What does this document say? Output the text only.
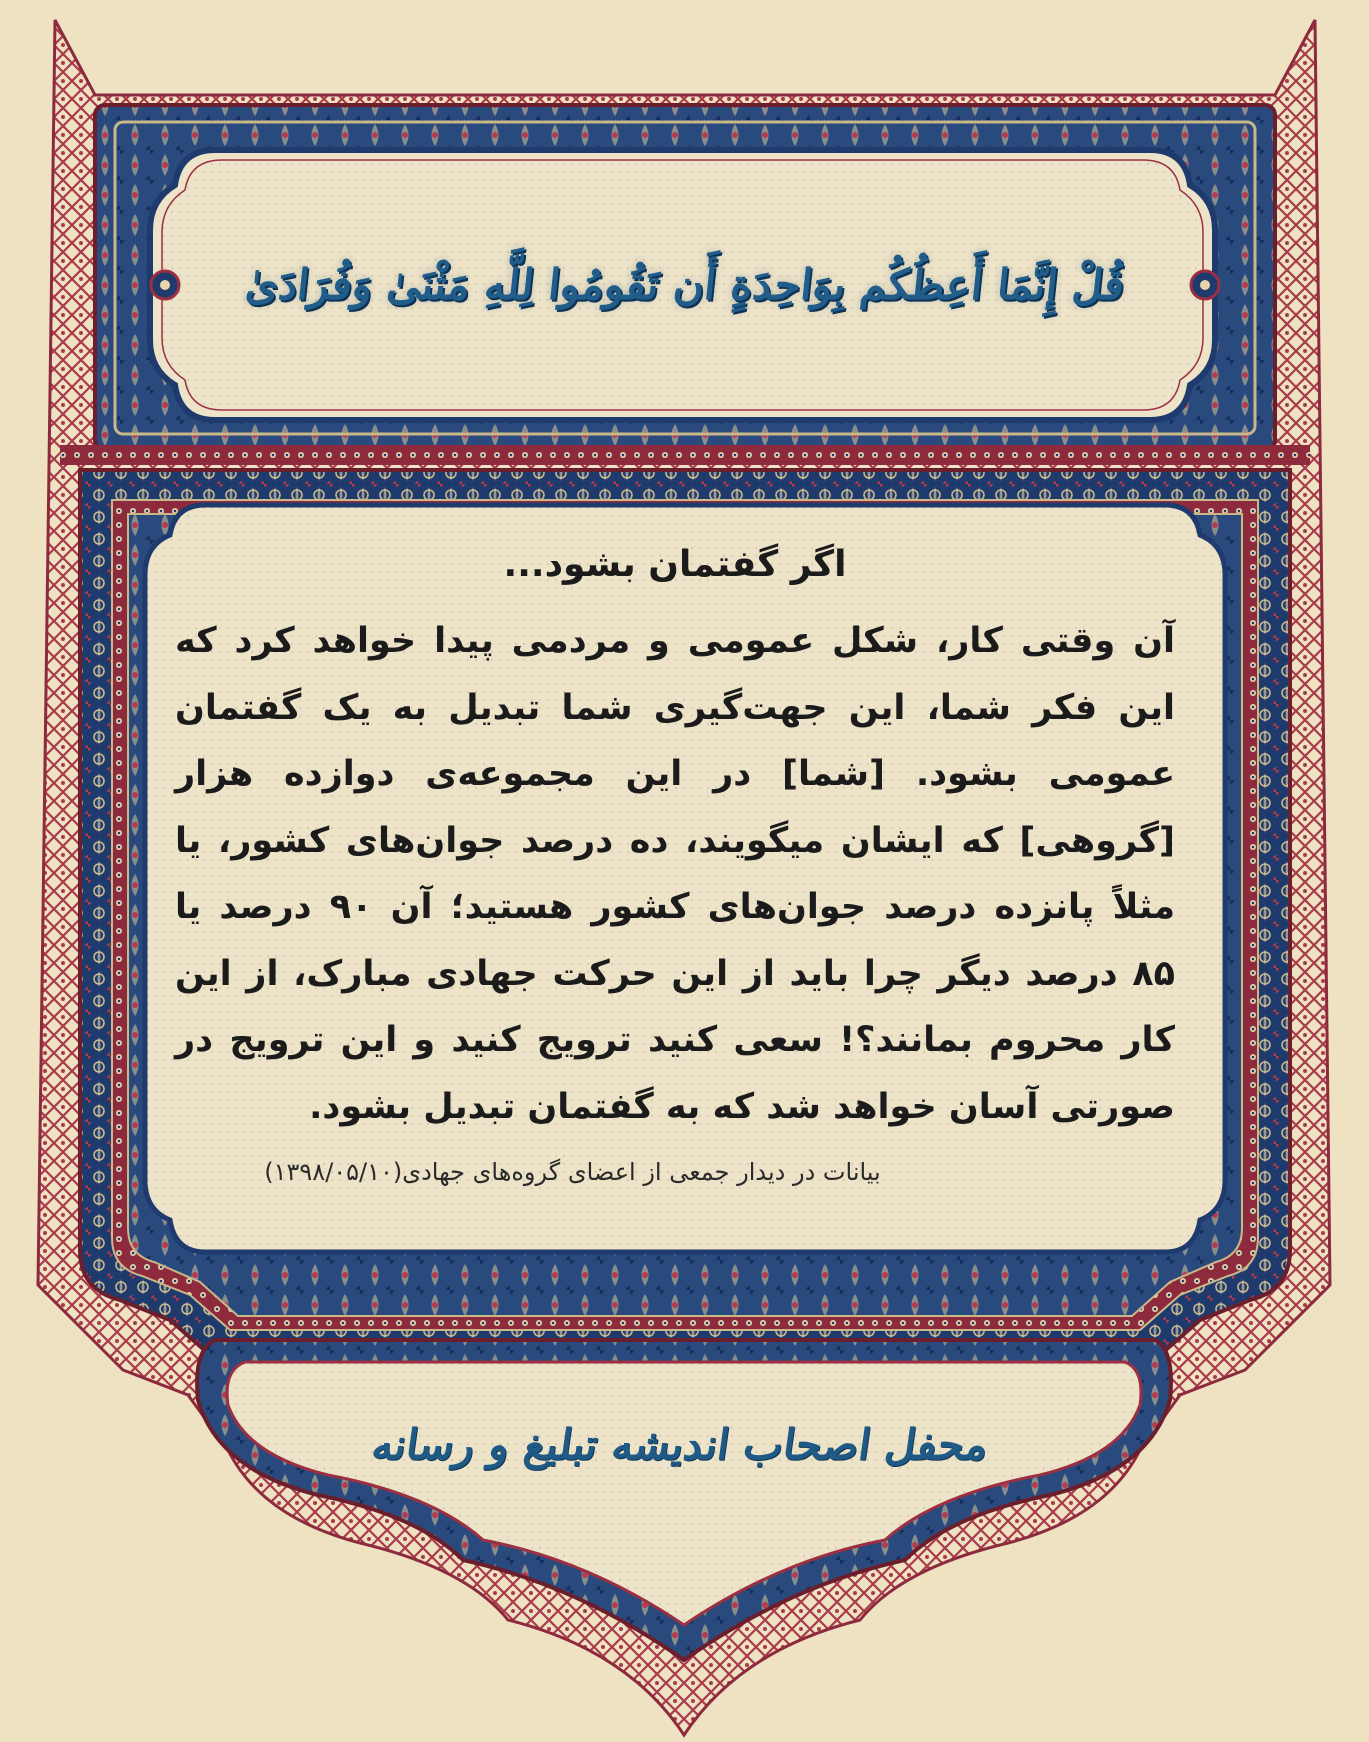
قُلْ إِنَّمَا أَعِظُكُم بِوَاحِدَةٍ أَن تَقُومُوا لِلَّهِ مَثْنَىٰ وَفُرَادَىٰ
اگر گفتمان بشود...

آن وقتی کار، شکل عمومی و مردمی پیدا خواهد کرد که این فکر شما، این جهت‌گیری شما تبدیل به یک گفتمان عمومی بشود. [شما] در این مجموعه‌ی دوازده هزار [گروهی] که ایشان میگویند، ده درصد جوان‌های کشور، یا مثلاً پانزده درصد جوان‌های کشور هستید؛ آن ۹۰ درصد یا ۸۵ درصد دیگر چرا باید از این حرکت جهادی مبارک، از این کار محروم بمانند؟! سعی کنید ترویج کنید و این ترویج در صورتی آسان خواهد شد که به گفتمان تبدیل بشود.

بیانات در دیدار جمعی از اعضای گروه‌های جهادی(۱۳۹۸/۰۵/۱۰)
محفل اصحاب اندیشه تبلیغ و رسانه
